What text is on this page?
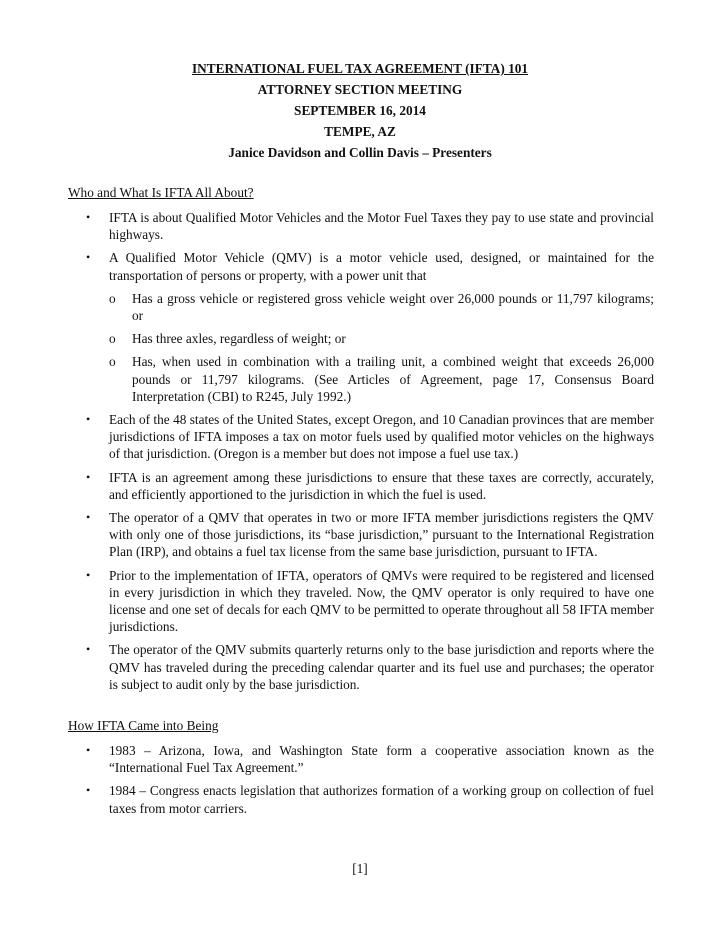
INTERNATIONAL FUEL TAX AGREEMENT (IFTA) 101
ATTORNEY SECTION MEETING
SEPTEMBER 16, 2014
TEMPE, AZ
Janice Davidson and Collin Davis – Presenters
Who and What Is IFTA All About?
• IFTA is about Qualified Motor Vehicles and the Motor Fuel Taxes they pay to use state and provincial highways.
• A Qualified Motor Vehicle (QMV) is a motor vehicle used, designed, or maintained for the transportation of persons or property, with a power unit that
o Has a gross vehicle or registered gross vehicle weight over 26,000 pounds or 11,797 kilograms; or
o Has three axles, regardless of weight; or
o Has, when used in combination with a trailing unit, a combined weight that exceeds 26,000 pounds or 11,797 kilograms. (See Articles of Agreement, page 17, Consensus Board Interpretation (CBI) to R245, July 1992.)
• Each of the 48 states of the United States, except Oregon, and 10 Canadian provinces that are member jurisdictions of IFTA imposes a tax on motor fuels used by qualified motor vehicles on the highways of that jurisdiction. (Oregon is a member but does not impose a fuel use tax.)
• IFTA is an agreement among these jurisdictions to ensure that these taxes are correctly, accurately, and efficiently apportioned to the jurisdiction in which the fuel is used.
• The operator of a QMV that operates in two or more IFTA member jurisdictions registers the QMV with only one of those jurisdictions, its “base jurisdiction,” pursuant to the International Registration Plan (IRP), and obtains a fuel tax license from the same base jurisdiction, pursuant to IFTA.
• Prior to the implementation of IFTA, operators of QMVs were required to be registered and licensed in every jurisdiction in which they traveled. Now, the QMV operator is only required to have one license and one set of decals for each QMV to be permitted to operate throughout all 58 IFTA member jurisdictions.
• The operator of the QMV submits quarterly returns only to the base jurisdiction and reports where the QMV has traveled during the preceding calendar quarter and its fuel use and purchases; the operator is subject to audit only by the base jurisdiction.
How IFTA Came into Being
• 1983 – Arizona, Iowa, and Washington State form a cooperative association known as the “International Fuel Tax Agreement.”
• 1984 – Congress enacts legislation that authorizes formation of a working group on collection of fuel taxes from motor carriers.
[1]
